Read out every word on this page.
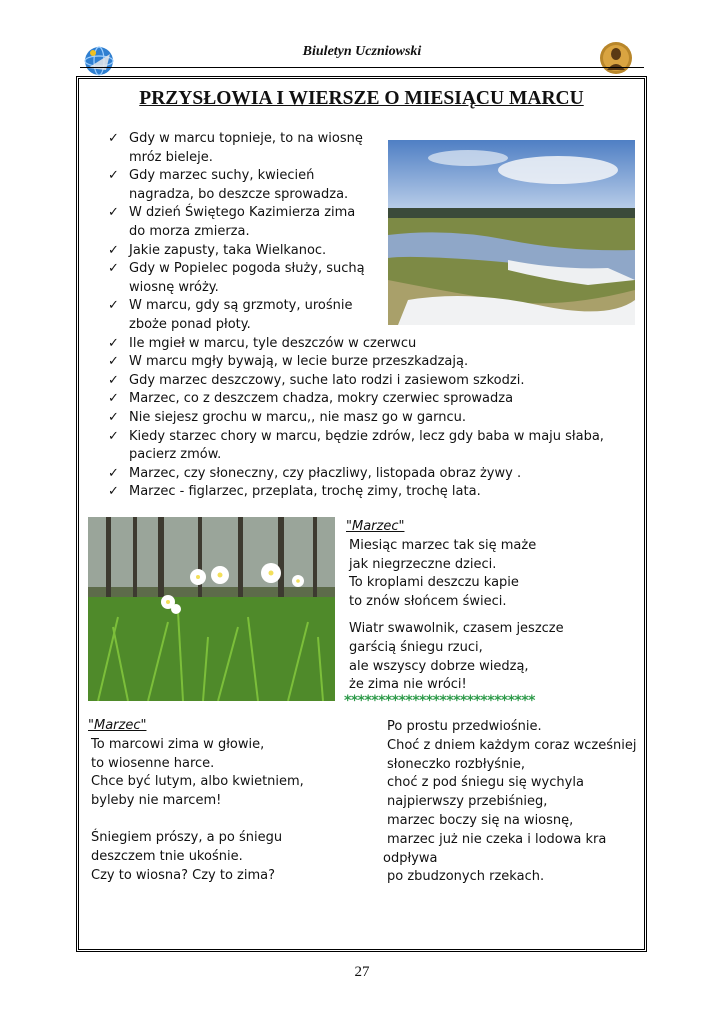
Biuletyn Uczniowski
PRZYSŁOWIA I WIERSZE O MIESIĄCU MARCU
✓ Gdy w marcu topnieje, to na wiosnę mróz bieleje.
✓ Gdy marzec suchy, kwiecień nagradza, bo deszcze sprowadza.
✓ W dzień Świętego Kazimierza zima do morza zmierza.
✓ Jakie zapusty, taka Wielkanoc.
✓ Gdy w Popielec pogoda służy, suchą wiosnę wróży.
✓ W marcu, gdy są grzmoty, urośnie zboże ponad płoty.
✓ Ile mgieł w marcu, tyle deszczów w czerwcu
✓ W marcu mgły bywają, w lecie burze przeszkadzają.
✓ Gdy marzec deszczowy, suche lato rodzi i zasiewom szkodzi.
✓ Marzec, co z deszczem chadza, mokry czerwiec sprowadza
✓ Nie siejesz grochu w marcu,, nie masz go w garncu.
✓ Kiedy starzec chory w marcu, będzie zdrów, lecz gdy baba w maju słaba, pacierz zmów.
✓ Marzec, czy słoneczny, czy płaczliwy, listopada obraz żywy .
✓ Marzec - figlarzec, przeplata, trochę zimy, trochę lata.

"Marzec"

Miesiąc marzec tak się maże

jak niegrzeczne dzieci.

To kroplami deszczu kapie

to znów słońcem świeci.

Wiatr swawolnik, czasem jeszcze

garścią śniegu rzuci,

ale wszyscy dobrze wiedzą,

że zima nie wróci!

****************************

"Marzec"

To marcowi zima w głowie,

to wiosenne harce.

Chce być lutym, albo kwietniem,

byleby nie marcem!

Śniegiem prószy, a po śniegu

deszczem tnie ukośnie.

Czy to wiosna? Czy to zima?

Po prostu przedwiośnie.

Choć z dniem każdym coraz wcześniej

słoneczko rozbłyśnie,

choć z pod śniegu się wychyla

najpierwszy przebiśnieg,

marzec boczy się na wiosnę,

marzec już nie czeka i lodowa kra

odpływa

po zbudzonych rzekach.

27
